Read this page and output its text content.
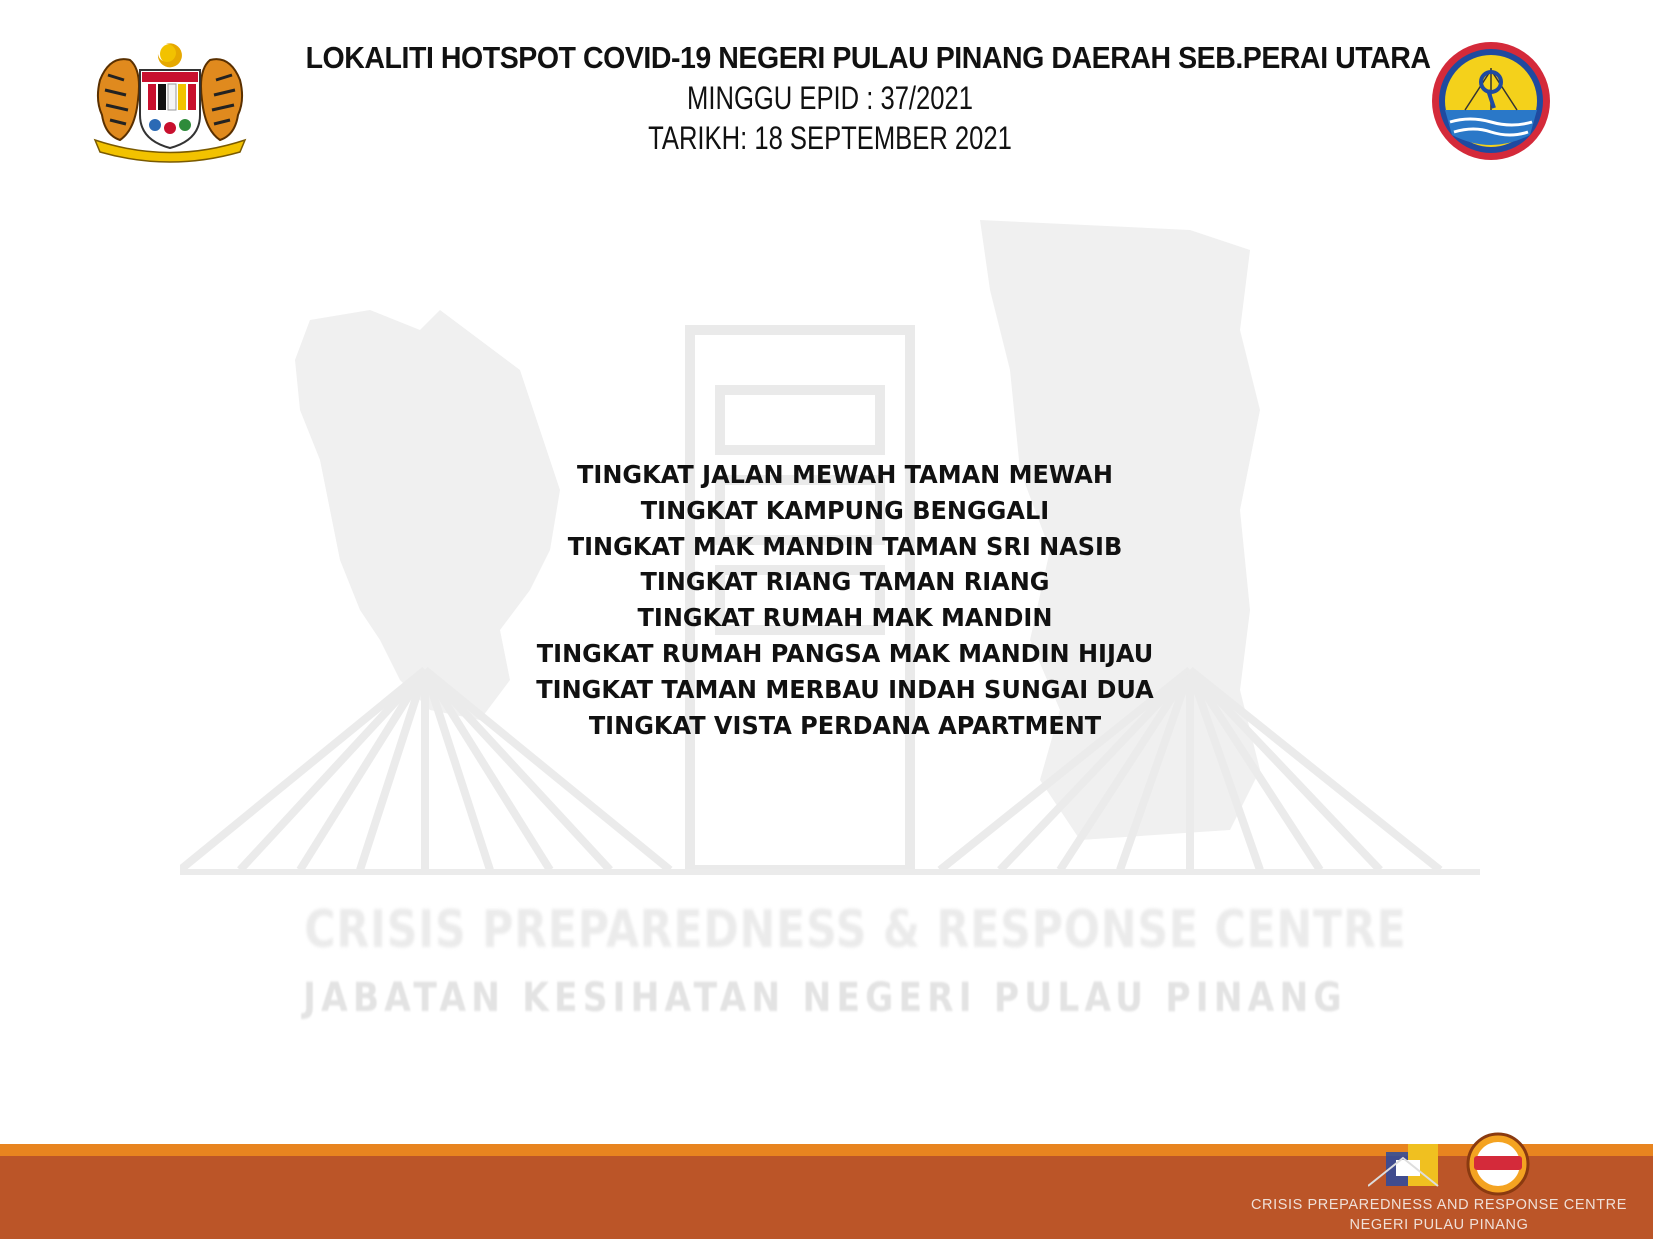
CRISIS PREPAREDNESS & RESPONSE CENTRE
JABATAN KESIHATAN NEGERI PULAU PINANG
LOKALITI HOTSPOT COVID-19 NEGERI PULAU PINANG DAERAH SEB.PERAI UTARA
MINGGU EPID : 37/2021
TARIKH: 18 SEPTEMBER 2021
TINGKAT JALAN MEWAH TAMAN MEWAH
TINGKAT KAMPUNG BENGGALI
TINGKAT MAK MANDIN TAMAN SRI NASIB
TINGKAT RIANG TAMAN RIANG
TINGKAT RUMAH MAK MANDIN
TINGKAT RUMAH PANGSA MAK MANDIN HIJAU
TINGKAT TAMAN MERBAU INDAH SUNGAI DUA
TINGKAT VISTA PERDANA APARTMENT
CRISIS PREPAREDNESS AND RESPONSE CENTRE
NEGERI PULAU PINANG
